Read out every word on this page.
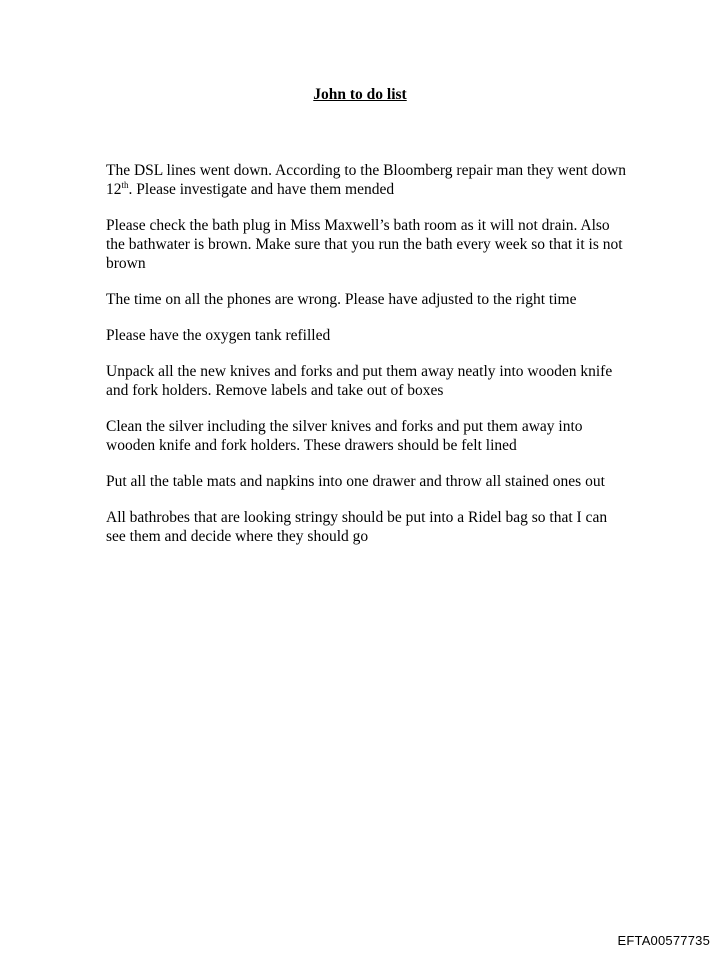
John to do list
The DSL lines went down. According to the Bloomberg repair man they went down 12th. Please investigate and have them mended
Please check the bath plug in Miss Maxwell’s bath room as it will not drain. Also the bathwater is brown. Make sure that you run the bath every week so that it is not brown
The time on all the phones are wrong. Please have adjusted to the right time
Please have the oxygen tank refilled
Unpack all the new knives and forks and put them away neatly into wooden knife and fork holders. Remove labels and take out of boxes
Clean the silver including the silver knives and forks and put them away into wooden knife and fork holders. These drawers should be felt lined
Put all the table mats and napkins into one drawer and throw all stained ones out
All bathrobes that are looking stringy should be put into a Ridel bag so that I can see them and decide where they should go
EFTA00577735
